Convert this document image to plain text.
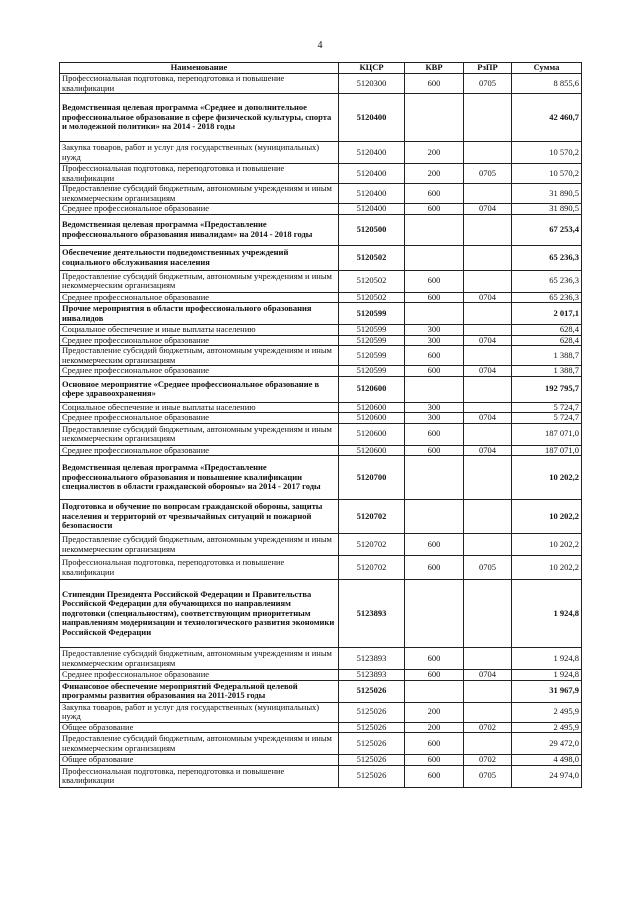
4
Наименование	КЦСР	КВР	РзПР	Сумма
Профессиональная подготовка, переподготовка и повышение квалификации	5120300	600	0705	8 855,6
Ведомственная целевая программа «Среднее и дополнительное профессиональное образование в сфере физической культуры, спорта и молодежной политики» на 2014 - 2018 годы	5120400			42 460,7
Закупка товаров, работ и услуг для государственных (муниципальных) нужд	5120400	200		10 570,2
Профессиональная подготовка, переподготовка и повышение квалификации	5120400	200	0705	10 570,2
Предоставление субсидий бюджетным, автономным учреждениям и иным некоммерческим организациям	5120400	600		31 890,5
Среднее профессиональное образование	5120400	600	0704	31 890,5
Ведомственная целевая программа «Предоставление профессионального образования инвалидам» на 2014 - 2018 годы	5120500			67 253,4
Обеспечение деятельности подведомственных учреждений социального обслуживания населения	5120502			65 236,3
Предоставление субсидий бюджетным, автономным учреждениям и иным некоммерческим организациям	5120502	600		65 236,3
Среднее профессиональное образование	5120502	600	0704	65 236,3
Прочие мероприятия в области профессионального образования инвалидов	5120599			2 017,1
Социальное обеспечение и иные выплаты населению	5120599	300		628,4
Среднее профессиональное образование	5120599	300	0704	628,4
Предоставление субсидий бюджетным, автономным учреждениям и иным некоммерческим организациям	5120599	600		1 388,7
Среднее профессиональное образование	5120599	600	0704	1 388,7
Основное мероприятие «Среднее профессиональное образование в сфере здравоохранения»	5120600			192 795,7
Социальное обеспечение и иные выплаты населению	5120600	300		5 724,7
Среднее профессиональное образование	5120600	300	0704	5 724,7
Предоставление субсидий бюджетным, автономным учреждениям и иным некоммерческим организациям	5120600	600		187 071,0
Среднее профессиональное образование	5120600	600	0704	187 071,0
Ведомственная целевая программа «Предоставление профессионального образования и повышение квалификации специалистов в области гражданской обороны» на 2014 - 2017 годы	5120700			10 202,2
Подготовка и обучение по вопросам гражданской обороны, защиты населения и территорий от чрезвычайных ситуаций и пожарной безопасности	5120702			10 202,2
Предоставление субсидий бюджетным, автономным учреждениям и иным некоммерческим организациям	5120702	600		10 202,2
Профессиональная подготовка, переподготовка и повышение квалификации	5120702	600	0705	10 202,2
Стипендии Президента Российской Федерации и Правительства Российской Федерации для обучающихся по направлениям подготовки (специальностям), соответствующим приоритетным направлениям модернизации и технологического развития экономики Российской Федерации	5123893			1 924,8
Предоставление субсидий бюджетным, автономным учреждениям и иным некоммерческим организациям	5123893	600		1 924,8
Среднее профессиональное образование	5123893	600	0704	1 924,8
Финансовое обеспечение мероприятий Федеральной целевой программы развития образования на 2011-2015 годы	5125026			31 967,9
Закупка товаров, работ и услуг для государственных (муниципальных) нужд	5125026	200		2 495,9
Общее образование	5125026	200	0702	2 495,9
Предоставление субсидий бюджетным, автономным учреждениям и иным некоммерческим организациям	5125026	600		29 472,0
Общее образование	5125026	600	0702	4 498,0
Профессиональная подготовка, переподготовка и повышение квалификации	5125026	600	0705	24 974,0
